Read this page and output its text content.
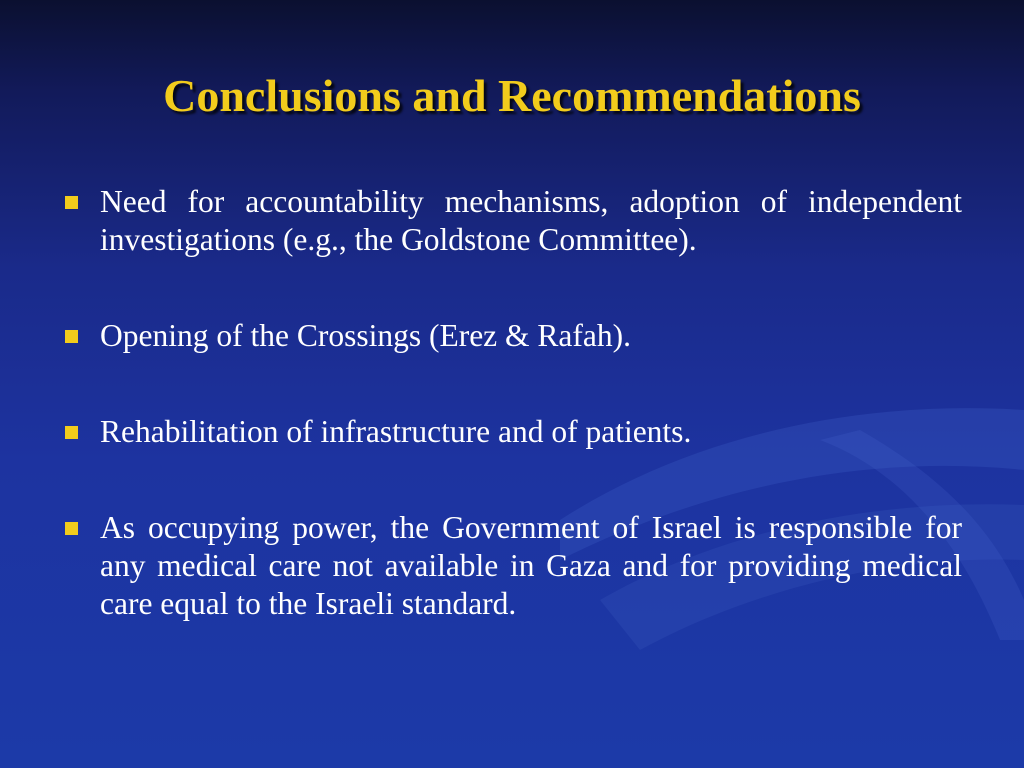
Conclusions and Recommendations
Need for accountability mechanisms, adoption of independent investigations (e.g., the Goldstone Committee).
Opening of the Crossings (Erez & Rafah).
Rehabilitation of infrastructure and of patients.
As occupying power, the Government of Israel is responsible for any medical care not available in Gaza and for providing medical care equal to the Israeli standard.
